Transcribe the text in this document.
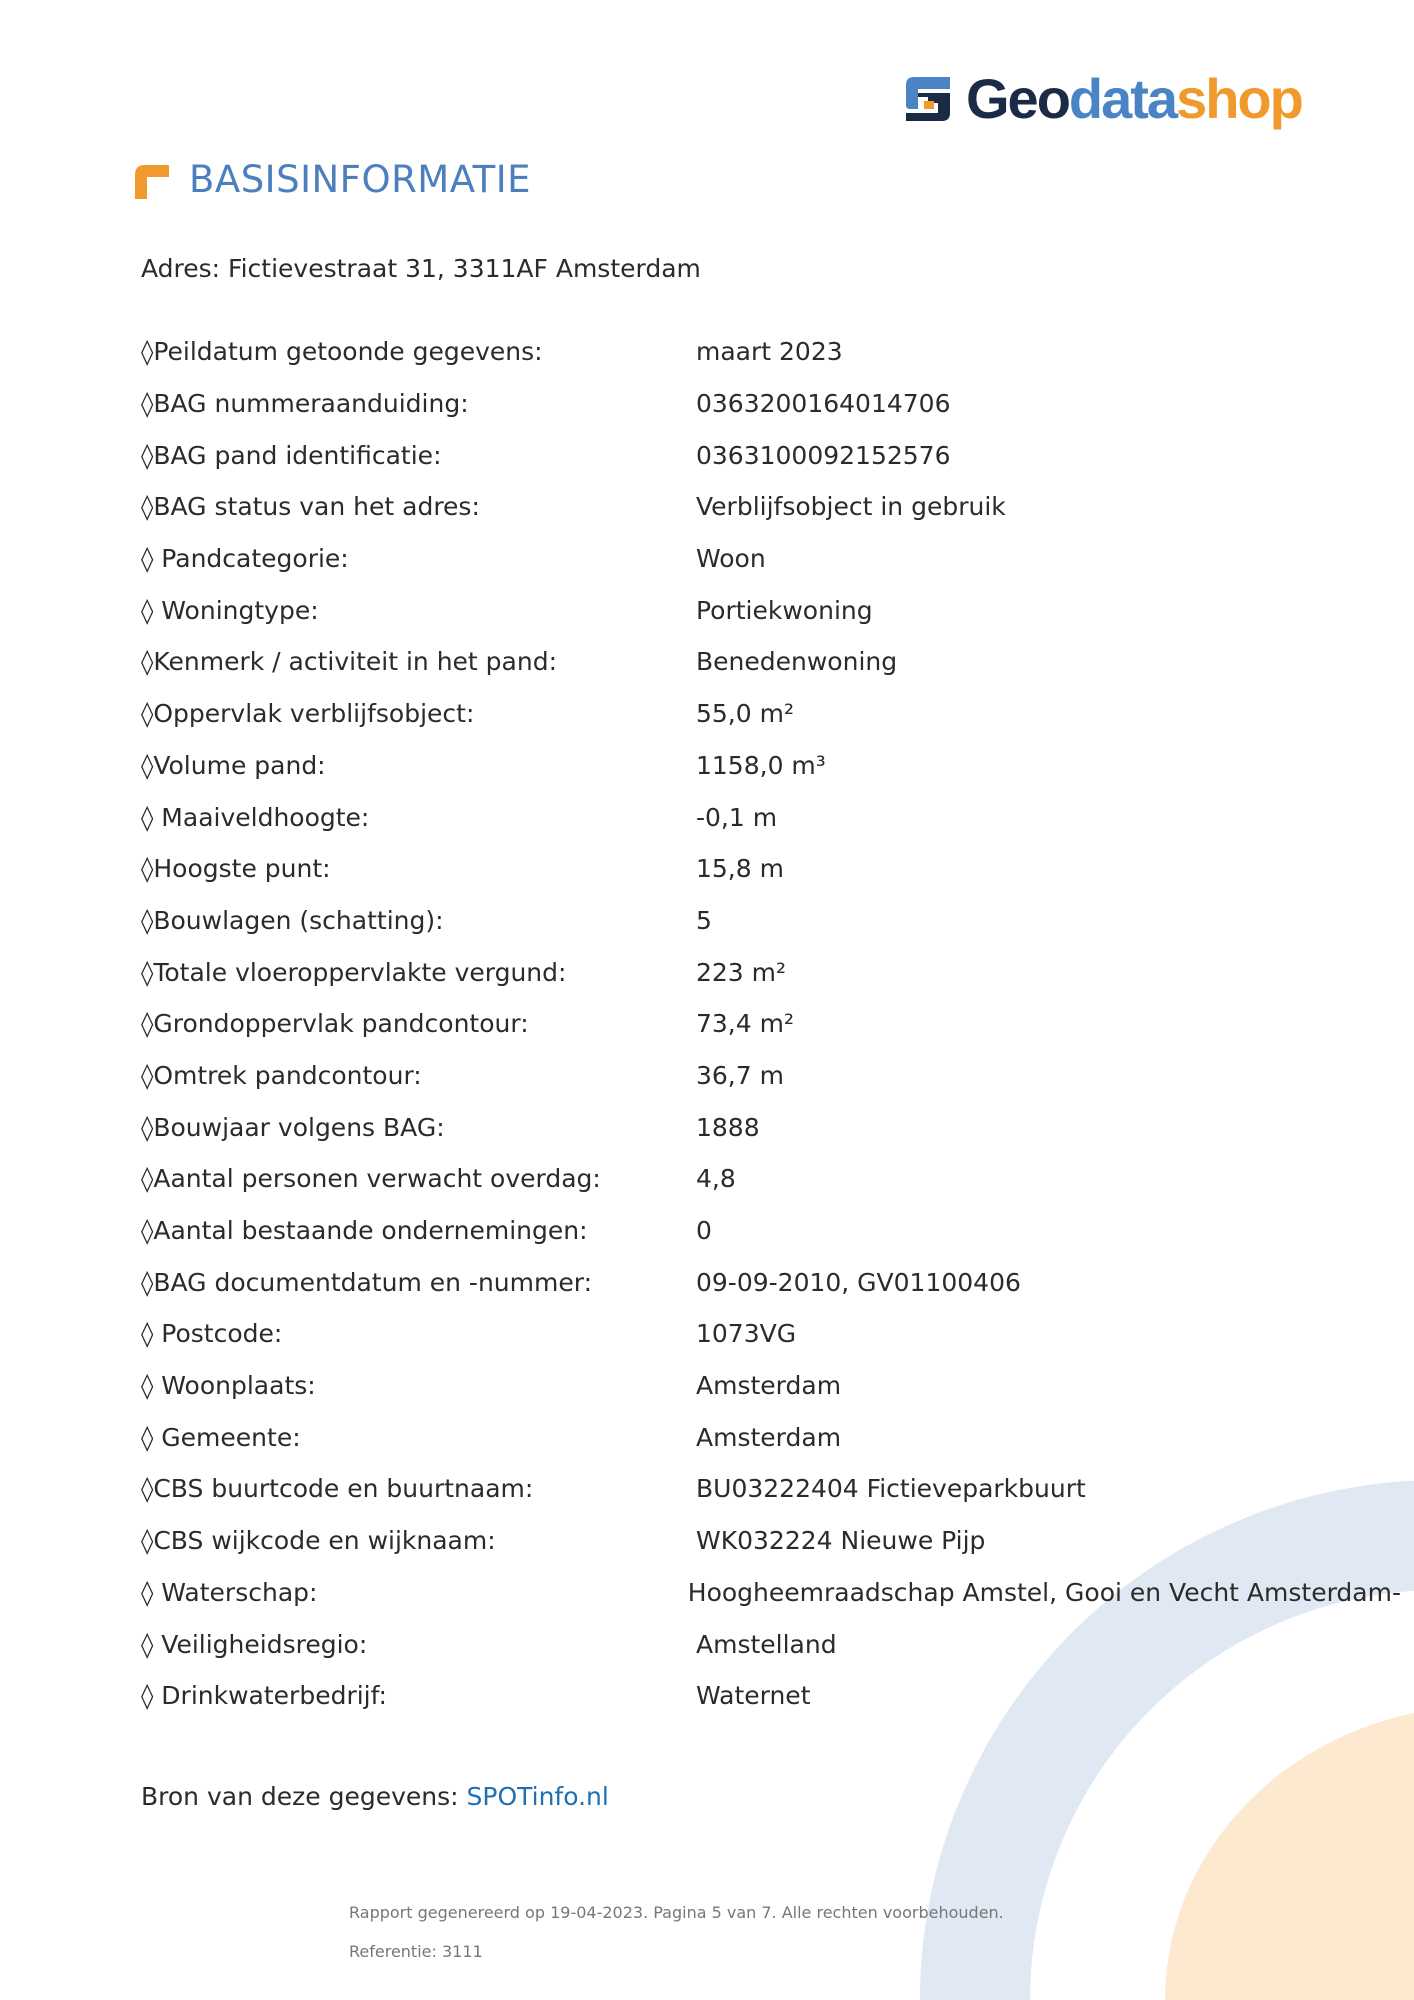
Geodatashop
BASISINFORMATIE
Adres: Fictievestraat 31, 3311AF Amsterdam
◊Peildatum getoonde gegevens:	maart 2023
◊BAG nummeraanduiding:	0363200164014706
◊BAG pand identificatie:	0363100092152576
◊BAG status van het adres:	Verblijfsobject in gebruik
◊ Pandcategorie:	Woon
◊ Woningtype:	Portiekwoning
◊Kenmerk / activiteit in het pand:	Benedenwoning
◊Oppervlak verblijfsobject:	55,0 m²
◊Volume pand:	1158,0 m³
◊ Maaiveldhoogte:	-0,1 m
◊Hoogste punt:	15,8 m
◊Bouwlagen (schatting):	5
◊Totale vloeroppervlakte vergund:	223 m²
◊Grondoppervlak pandcontour:	73,4 m²
◊Omtrek pandcontour:	36,7 m
◊Bouwjaar volgens BAG:	1888
◊Aantal personen verwacht overdag:	4,8
◊Aantal bestaande ondernemingen:	0
◊BAG documentdatum en -nummer:	09-09-2010, GV01100406
◊ Postcode:	1073VG
◊ Woonplaats:	Amsterdam
◊ Gemeente:	Amsterdam
◊CBS buurtcode en buurtnaam:	BU03222404 Fictieveparkbuurt
◊CBS wijkcode en wijknaam:	WK032224 Nieuwe Pijp
◊ Waterschap:	Hoogheemraadschap Amstel, Gooi en Vecht Amsterdam-
◊ Veiligheidsregio:	Amstelland
◊ Drinkwaterbedrijf:	Waternet
Bron van deze gegevens: SPOTinfo.nl
Rapport gegenereerd op 19-04-2023. Pagina 5 van 7. Alle rechten voorbehouden.
Referentie: 3111
